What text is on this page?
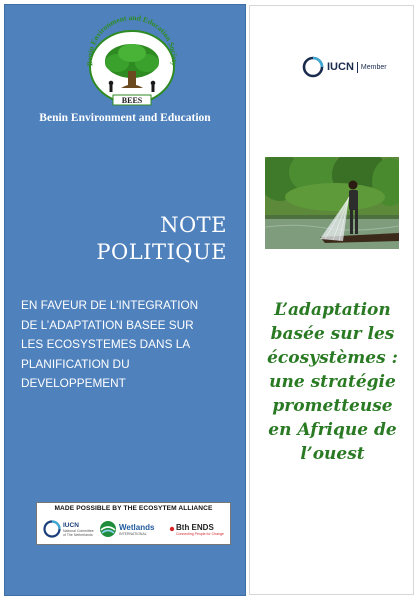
Benin Environment and Education Society
BEES
Benin Environment and Education
NOTE
POLITIQUE

EN FAVEUR DE L’INTEGRATION
DE L’ADAPTATION BASEE SUR
LES ECOSYSTEMES DANS LA
PLANIFICATION DU
DEVELOPPEMENT

MADE POSSIBLE BY THE ECOSYTEM ALLIANCE
IUCN
National Committee of The Netherlands
Wetlands
INTERNATIONAL
Bth ENDS
Connecting People for Change
IUCN Member
L’adaptation
basée sur les
écosystèmes :
une stratégie
prometteuse
en Afrique de
l’ouest
